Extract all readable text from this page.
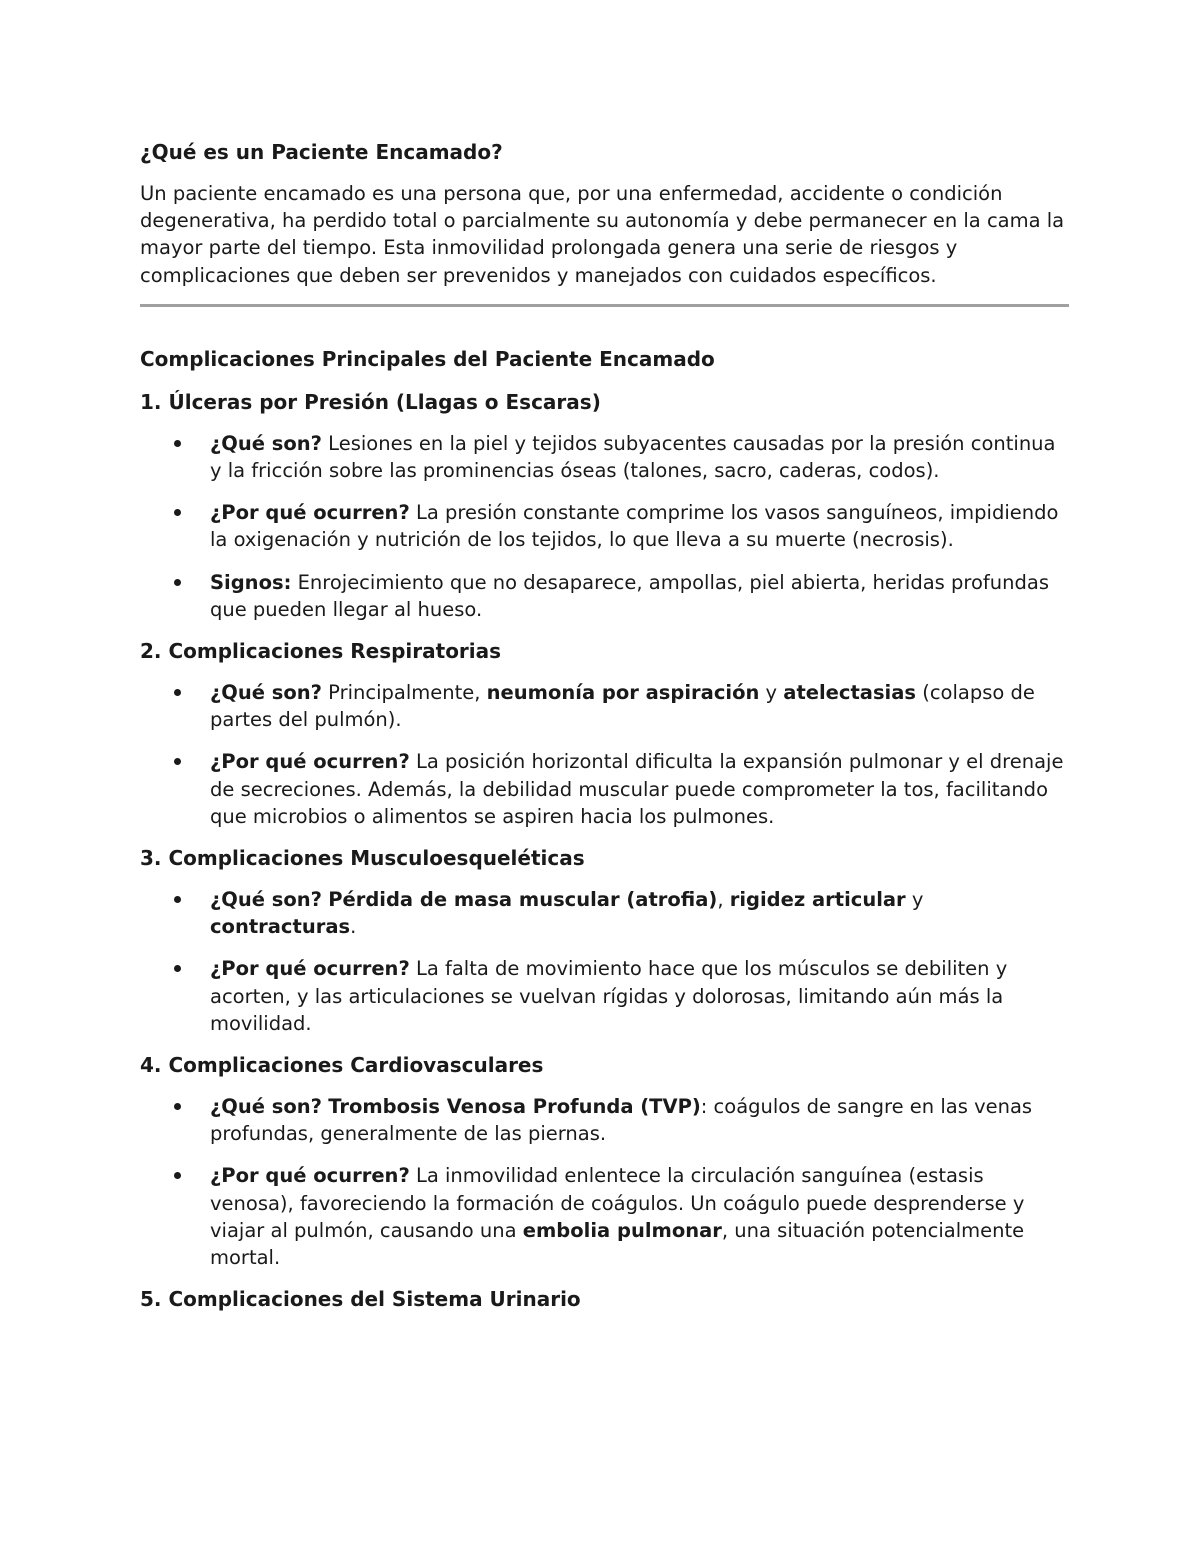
¿Qué es un Paciente Encamado?

Un paciente encamado es una persona que, por una enfermedad, accidente o condición degenerativa, ha perdido total o parcialmente su autonomía y debe permanecer en la cama la mayor parte del tiempo. Esta inmovilidad prolongada genera una serie de riesgos y complicaciones que deben ser prevenidos y manejados con cuidados específicos.

Complicaciones Principales del Paciente Encamado
1. Úlceras por Presión (Llagas o Escaras)
¿Qué son? Lesiones en la piel y tejidos subyacentes causadas por la presión continua y la fricción sobre las prominencias óseas (talones, sacro, caderas, codos).
¿Por qué ocurren? La presión constante comprime los vasos sanguíneos, impidiendo la oxigenación y nutrición de los tejidos, lo que lleva a su muerte (necrosis).
Signos: Enrojecimiento que no desaparece, ampollas, piel abierta, heridas profundas que pueden llegar al hueso.
2. Complicaciones Respiratorias
¿Qué son? Principalmente, neumonía por aspiración y atelectasias (colapso de partes del pulmón).
¿Por qué ocurren? La posición horizontal dificulta la expansión pulmonar y el drenaje de secreciones. Además, la debilidad muscular puede comprometer la tos, facilitando que microbios o alimentos se aspiren hacia los pulmones.
3. Complicaciones Musculoesqueléticas
¿Qué son? Pérdida de masa muscular (atrofia), rigidez articular y contracturas.
¿Por qué ocurren? La falta de movimiento hace que los músculos se debiliten y acorten, y las articulaciones se vuelvan rígidas y dolorosas, limitando aún más la movilidad.
4. Complicaciones Cardiovasculares
¿Qué son? Trombosis Venosa Profunda (TVP): coágulos de sangre en las venas profundas, generalmente de las piernas.
¿Por qué ocurren? La inmovilidad enlentece la circulación sanguínea (estasis venosa), favoreciendo la formación de coágulos. Un coágulo puede desprenderse y viajar al pulmón, causando una embolia pulmonar, una situación potencialmente mortal.
5. Complicaciones del Sistema Urinario
